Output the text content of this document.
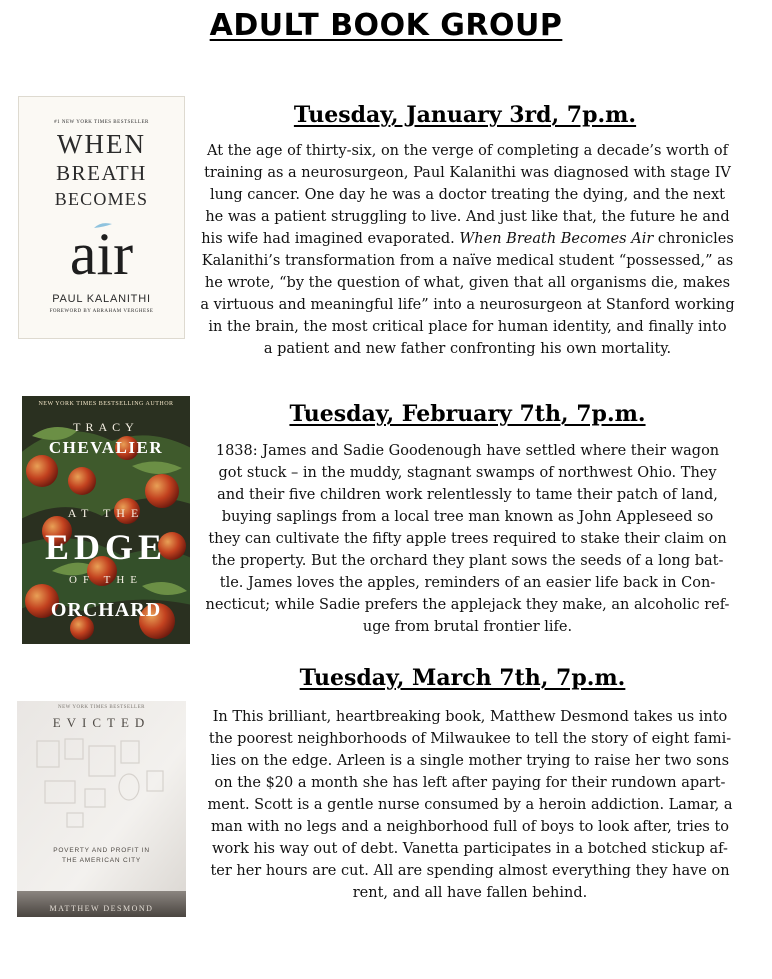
ADULT BOOK GROUP
#1 NEW YORK TIMES BESTSELLER
WHEN
BREATH
BECOMES
air
PAUL KALANITHI
FOREWORD BY ABRAHAM VERGHESE
Tuesday, January 3rd, 7p.m.
At the age of thirty-six, on the verge of completing a decade’s worth of
training as a neurosurgeon, Paul Kalanithi was diagnosed with stage IV
lung cancer. One day he was a doctor treating the dying, and the next
he was a patient struggling to live. And just like that, the future he and
his wife had imagined evaporated. When Breath Becomes Air chronicles
Kalanithi’s transformation from a naïve medical student “possessed,” as
he wrote, “by the question of what, given that all organisms die, makes
a virtuous and meaningful life” into a neurosurgeon at Stanford working
in the brain, the most critical place for human identity, and finally into
a patient and new father confronting his own mortality.
NEW YORK TIMES BESTSELLING AUTHOR
TRACY
CHEVALIER
AT THE
EDGE
OF THE
ORCHARD
Tuesday, February 7th, 7p.m.
1838: James and Sadie Goodenough have settled where their wagon
got stuck – in the muddy, stagnant swamps of northwest Ohio. They
and their five children work relentlessly to tame their patch of land,
buying saplings from a local tree man known as John Appleseed so
they can cultivate the fifty apple trees required to stake their claim on
the property. But the orchard they plant sows the seeds of a long bat-
tle. James loves the apples, reminders of an easier life back in Con-
necticut; while Sadie prefers the applejack they make, an alcoholic ref-
uge from brutal frontier life.
NEW YORK TIMES BESTSELLER
EVICTED
POVERTY AND PROFIT IN
THE AMERICAN CITY
MATTHEW DESMOND
Tuesday, March 7th, 7p.m.
In This brilliant, heartbreaking book, Matthew Desmond takes us into
the poorest neighborhoods of Milwaukee to tell the story of eight fami-
lies on the edge. Arleen is a single mother trying to raise her two sons
on the $20 a month she has left after paying for their rundown apart-
ment. Scott is a gentle nurse consumed by a heroin addiction. Lamar, a
man with no legs and a neighborhood full of boys to look after, tries to
work his way out of debt. Vanetta participates in a botched stickup af-
ter her hours are cut. All are spending almost everything they have on
rent, and all have fallen behind.
